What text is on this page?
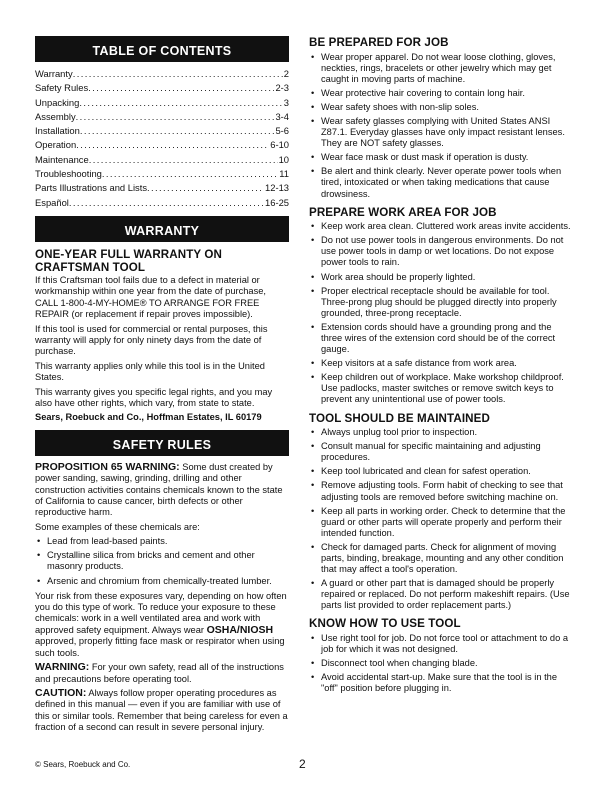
TABLE OF CONTENTS
Warranty .....	2
Safety Rules .....	2-3
Unpacking .....	3
Assembly .....	3-4
Installation .....	5-6
Operation .....	6-10
Maintenance .....	10
Troubleshooting .....	11
Parts Illustrations and Lists .....	12-13
Español .....	16-25
WARRANTY
ONE-YEAR FULL WARRANTY ON CRAFTSMAN TOOL

If this Craftsman tool fails due to a defect in material or workmanship within one year from the date of purchase, CALL 1-800-4-MY-HOME® TO ARRANGE FOR FREE REPAIR (or replacement if repair proves impossible).

If this tool is used for commercial or rental purposes, this warranty will apply for only ninety days from the date of purchase.

This warranty applies only while this tool is in the United States.

This warranty gives you specific legal rights, and you may also have other rights, which vary, from state to state.

Sears, Roebuck and Co., Hoffman Estates, IL 60179

SAFETY RULES

PROPOSITION 65 WARNING: Some dust created by power sanding, sawing, grinding, drilling and other construction activities contains chemicals known to the state of California to cause cancer, birth defects or other reproductive harm.

Some examples of these chemicals are:

• Lead from lead-based paints.
• Crystalline silica from bricks and cement and other masonry products.
• Arsenic and chromium from chemically-treated lumber.

Your risk from these exposures vary, depending on how often you do this type of work. To reduce your exposure to these chemicals: work in a well ventilated area and work with approved safety equipment. Always wear OSHA/NIOSH approved, properly fitting face mask or respirator when using such tools.

WARNING: For your own safety, read all of the instructions and precautions before operating tool.

CAUTION: Always follow proper operating procedures as defined in this manual — even if you are familiar with use of this or similar tools. Remember that being careless for even a fraction of a second can result in severe personal injury.

BE PREPARED FOR JOB
• Wear proper apparel. Do not wear loose clothing, gloves, neckties, rings, bracelets or other jewelry which may get caught in moving parts of machine.
• Wear protective hair covering to contain long hair.
• Wear safety shoes with non-slip soles.
• Wear safety glasses complying with United States ANSI Z87.1. Everyday glasses have only impact resistant lenses. They are NOT safety glasses.
• Wear face mask or dust mask if operation is dusty.
• Be alert and think clearly. Never operate power tools when tired, intoxicated or when taking medications that cause drowsiness.
PREPARE WORK AREA FOR JOB
• Keep work area clean. Cluttered work areas invite accidents.
• Do not use power tools in dangerous environments. Do not use power tools in damp or wet locations. Do not expose power tools to rain.
• Work area should be properly lighted.
• Proper electrical receptacle should be available for tool. Three-prong plug should be plugged directly into properly grounded, three-prong receptacle.
• Extension cords should have a grounding prong and the three wires of the extension cord should be of the correct gauge.
• Keep visitors at a safe distance from work area.
• Keep children out of workplace. Make workshop childproof. Use padlocks, master switches or remove switch keys to prevent any unintentional use of power tools.
TOOL SHOULD BE MAINTAINED
• Always unplug tool prior to inspection.
• Consult manual for specific maintaining and adjusting procedures.
• Keep tool lubricated and clean for safest operation.
• Remove adjusting tools. Form habit of checking to see that adjusting tools are removed before switching machine on.
• Keep all parts in working order. Check to determine that the guard or other parts will operate properly and perform their intended function.
• Check for damaged parts. Check for alignment of moving parts, binding, breakage, mounting and any other condition that may affect a tool's operation.
• A guard or other part that is damaged should be properly repaired or replaced. Do not perform makeshift repairs. (Use parts list provided to order replacement parts.)
KNOW HOW TO USE TOOL
• Use right tool for job. Do not force tool or attachment to do a job for which it was not designed.
• Disconnect tool when changing blade.
• Avoid accidental start-up. Make sure that the tool is in the "off" position before plugging in.
© Sears, Roebuck and Co.	2
